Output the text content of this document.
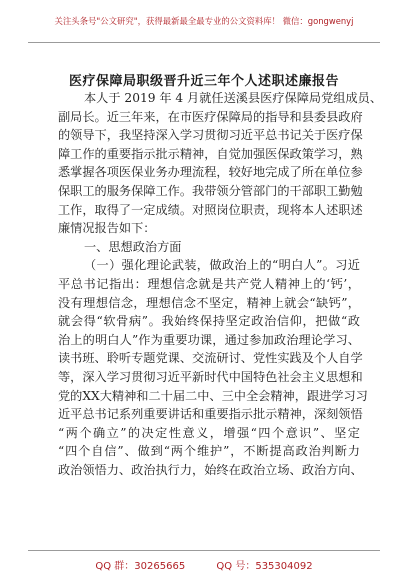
关注头条号"公文研究"，获得最新最全最专业的公文资料库！ 微信：gongwenyj
医疗保障局职级晋升近三年个人述职述廉报告
本人于 2019 年 4 月就任送溪县医疗保障局党组成员、
副局长。近三年来，在市医疗保障局的指导和县委县政府
的领导下，我坚持深入学习贯彻习近平总书记关于医疗保
障工作的重要指示批示精神，自觉加强医保政策学习，熟
悉掌握各项医保业务办理流程，较好地完成了所在单位参
保职工的服务保障工作。我带领分管部门的干部职工勤勉
工作，取得了一定成绩。对照岗位职责，现将本人述职述
廉情况报告如下：
一、思想政治方面
（一）强化理论武装，做政治上的“明白人”。习近
平总书记指出：理想信念就是共产党人精神上的‘钙’，
没有理想信念，理想信念不坚定，精神上就会“缺钙”，
就会得“软骨病”。我始终保持坚定政治信仰，把做“政
治上的明白人”作为重要功课，通过参加政治理论学习、
读书班、聆听专题党课、交流研讨、党性实践及个人自学
等，深入学习贯彻习近平新时代中国特色社会主义思想和
党的XX大精神和二十届二中、三中全会精神，跟进学习习
近平总书记系列重要讲话和重要指示批示精神，深刻领悟
“两个确立”的决定性意义，增强“四个意识”、坚定
“四个自信”、做到“两个维护”，不断提高政治判断力
政治领悟力、政治执行力，始终在政治立场、政治方向、
QQ 群：30265665	QQ 号：535304092
